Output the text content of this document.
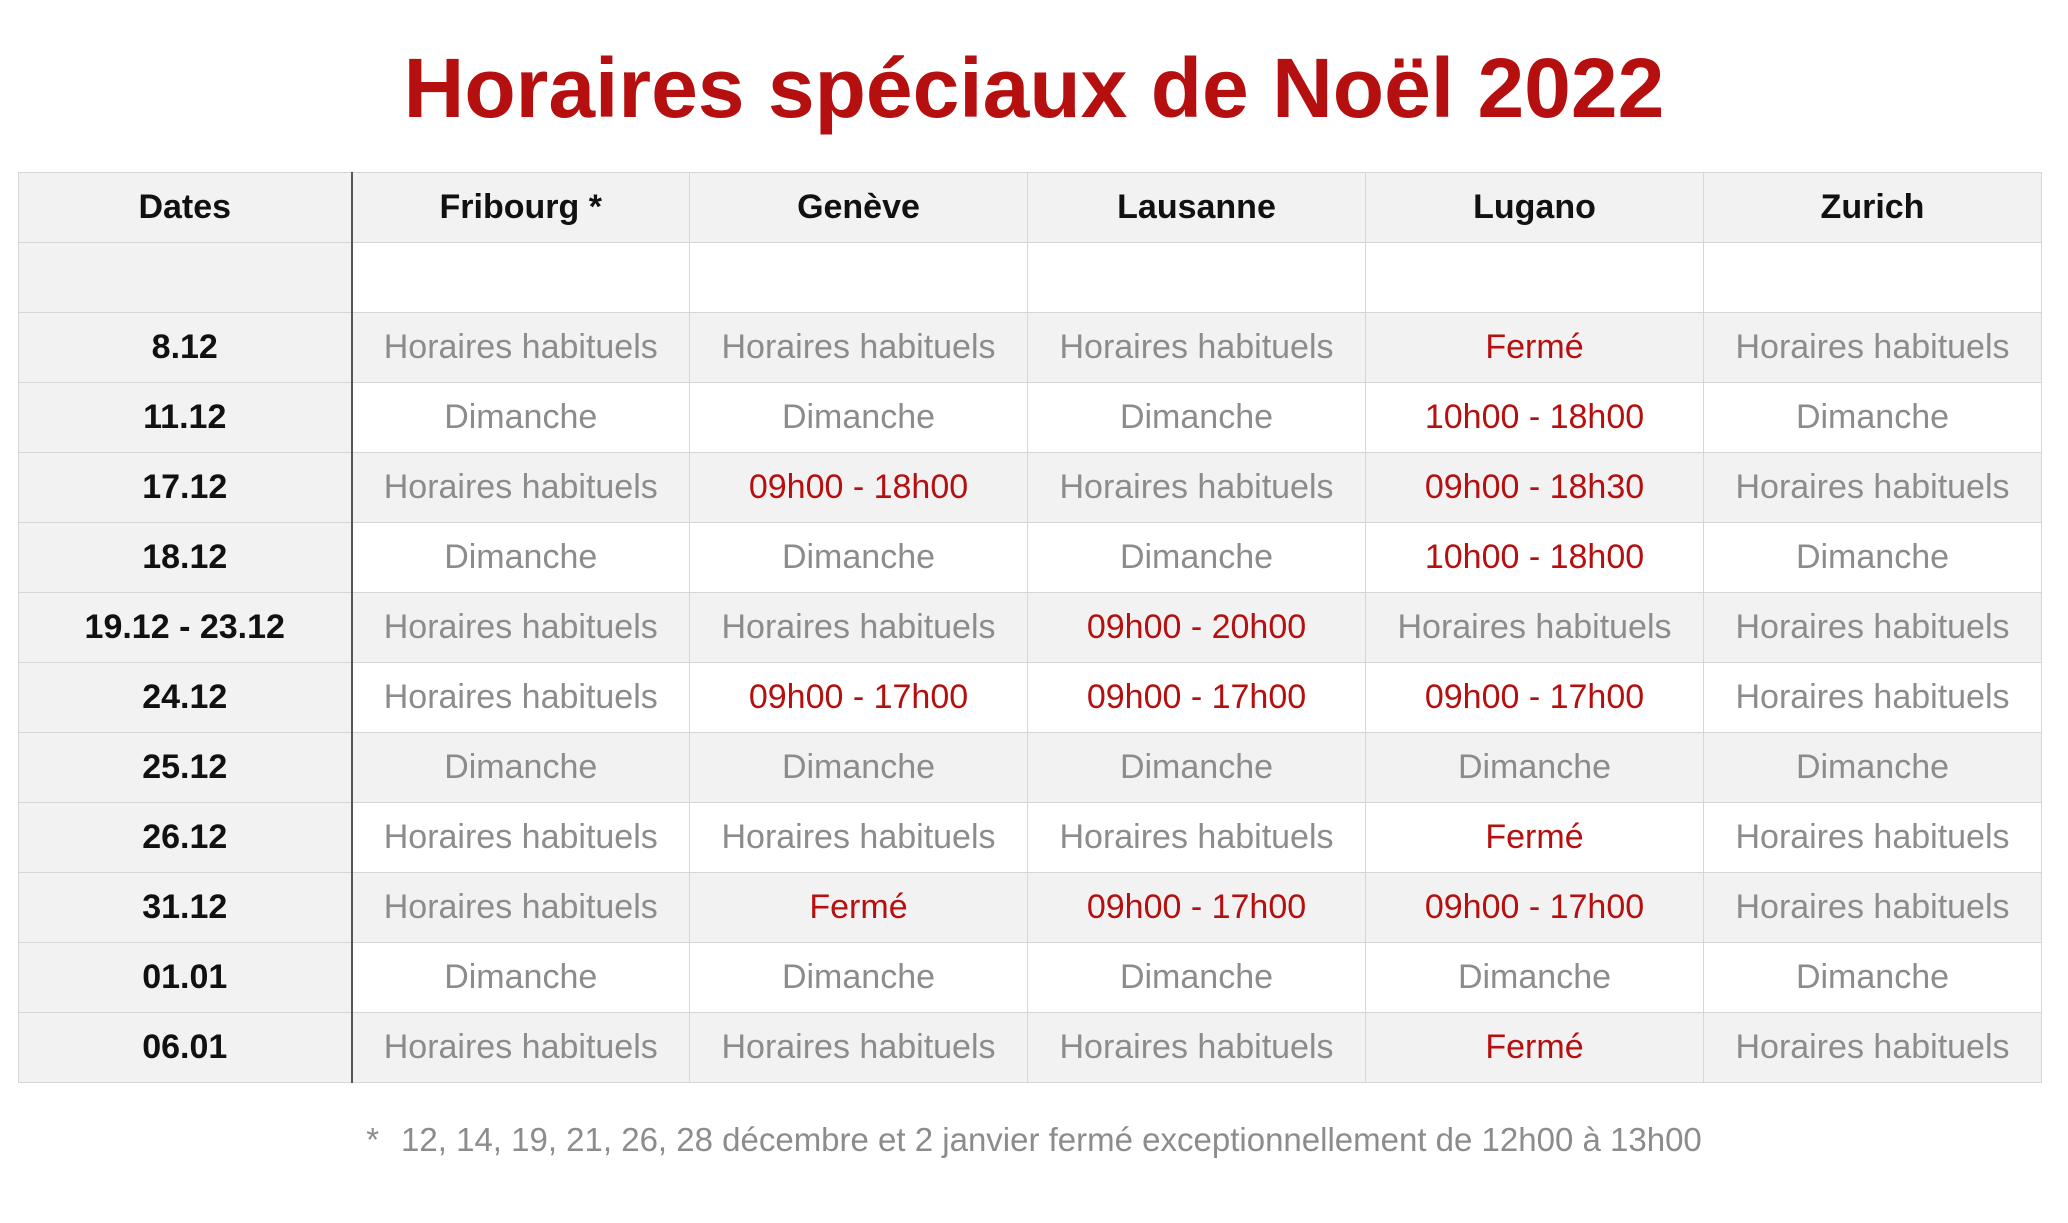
Horaires spéciaux de Noël 2022
Dates	Fribourg *	Genève	Lausanne	Lugano	Zurich

8.12	Horaires habituels	Horaires habituels	Horaires habituels	Fermé	Horaires habituels
11.12	Dimanche	Dimanche	Dimanche	10h00 - 18h00	Dimanche
17.12	Horaires habituels	09h00 - 18h00	Horaires habituels	09h00 - 18h30	Horaires habituels
18.12	Dimanche	Dimanche	Dimanche	10h00 - 18h00	Dimanche
19.12 - 23.12	Horaires habituels	Horaires habituels	09h00 - 20h00	Horaires habituels	Horaires habituels
24.12	Horaires habituels	09h00 - 17h00	09h00 - 17h00	09h00 - 17h00	Horaires habituels
25.12	Dimanche	Dimanche	Dimanche	Dimanche	Dimanche
26.12	Horaires habituels	Horaires habituels	Horaires habituels	Fermé	Horaires habituels
31.12	Horaires habituels	Fermé	09h00 - 17h00	09h00 - 17h00	Horaires habituels
01.01	Dimanche	Dimanche	Dimanche	Dimanche	Dimanche
06.01	Horaires habituels	Horaires habituels	Horaires habituels	Fermé	Horaires habituels
* 12, 14, 19, 21, 26, 28 décembre et 2 janvier fermé exceptionnellement de 12h00 à 13h00
